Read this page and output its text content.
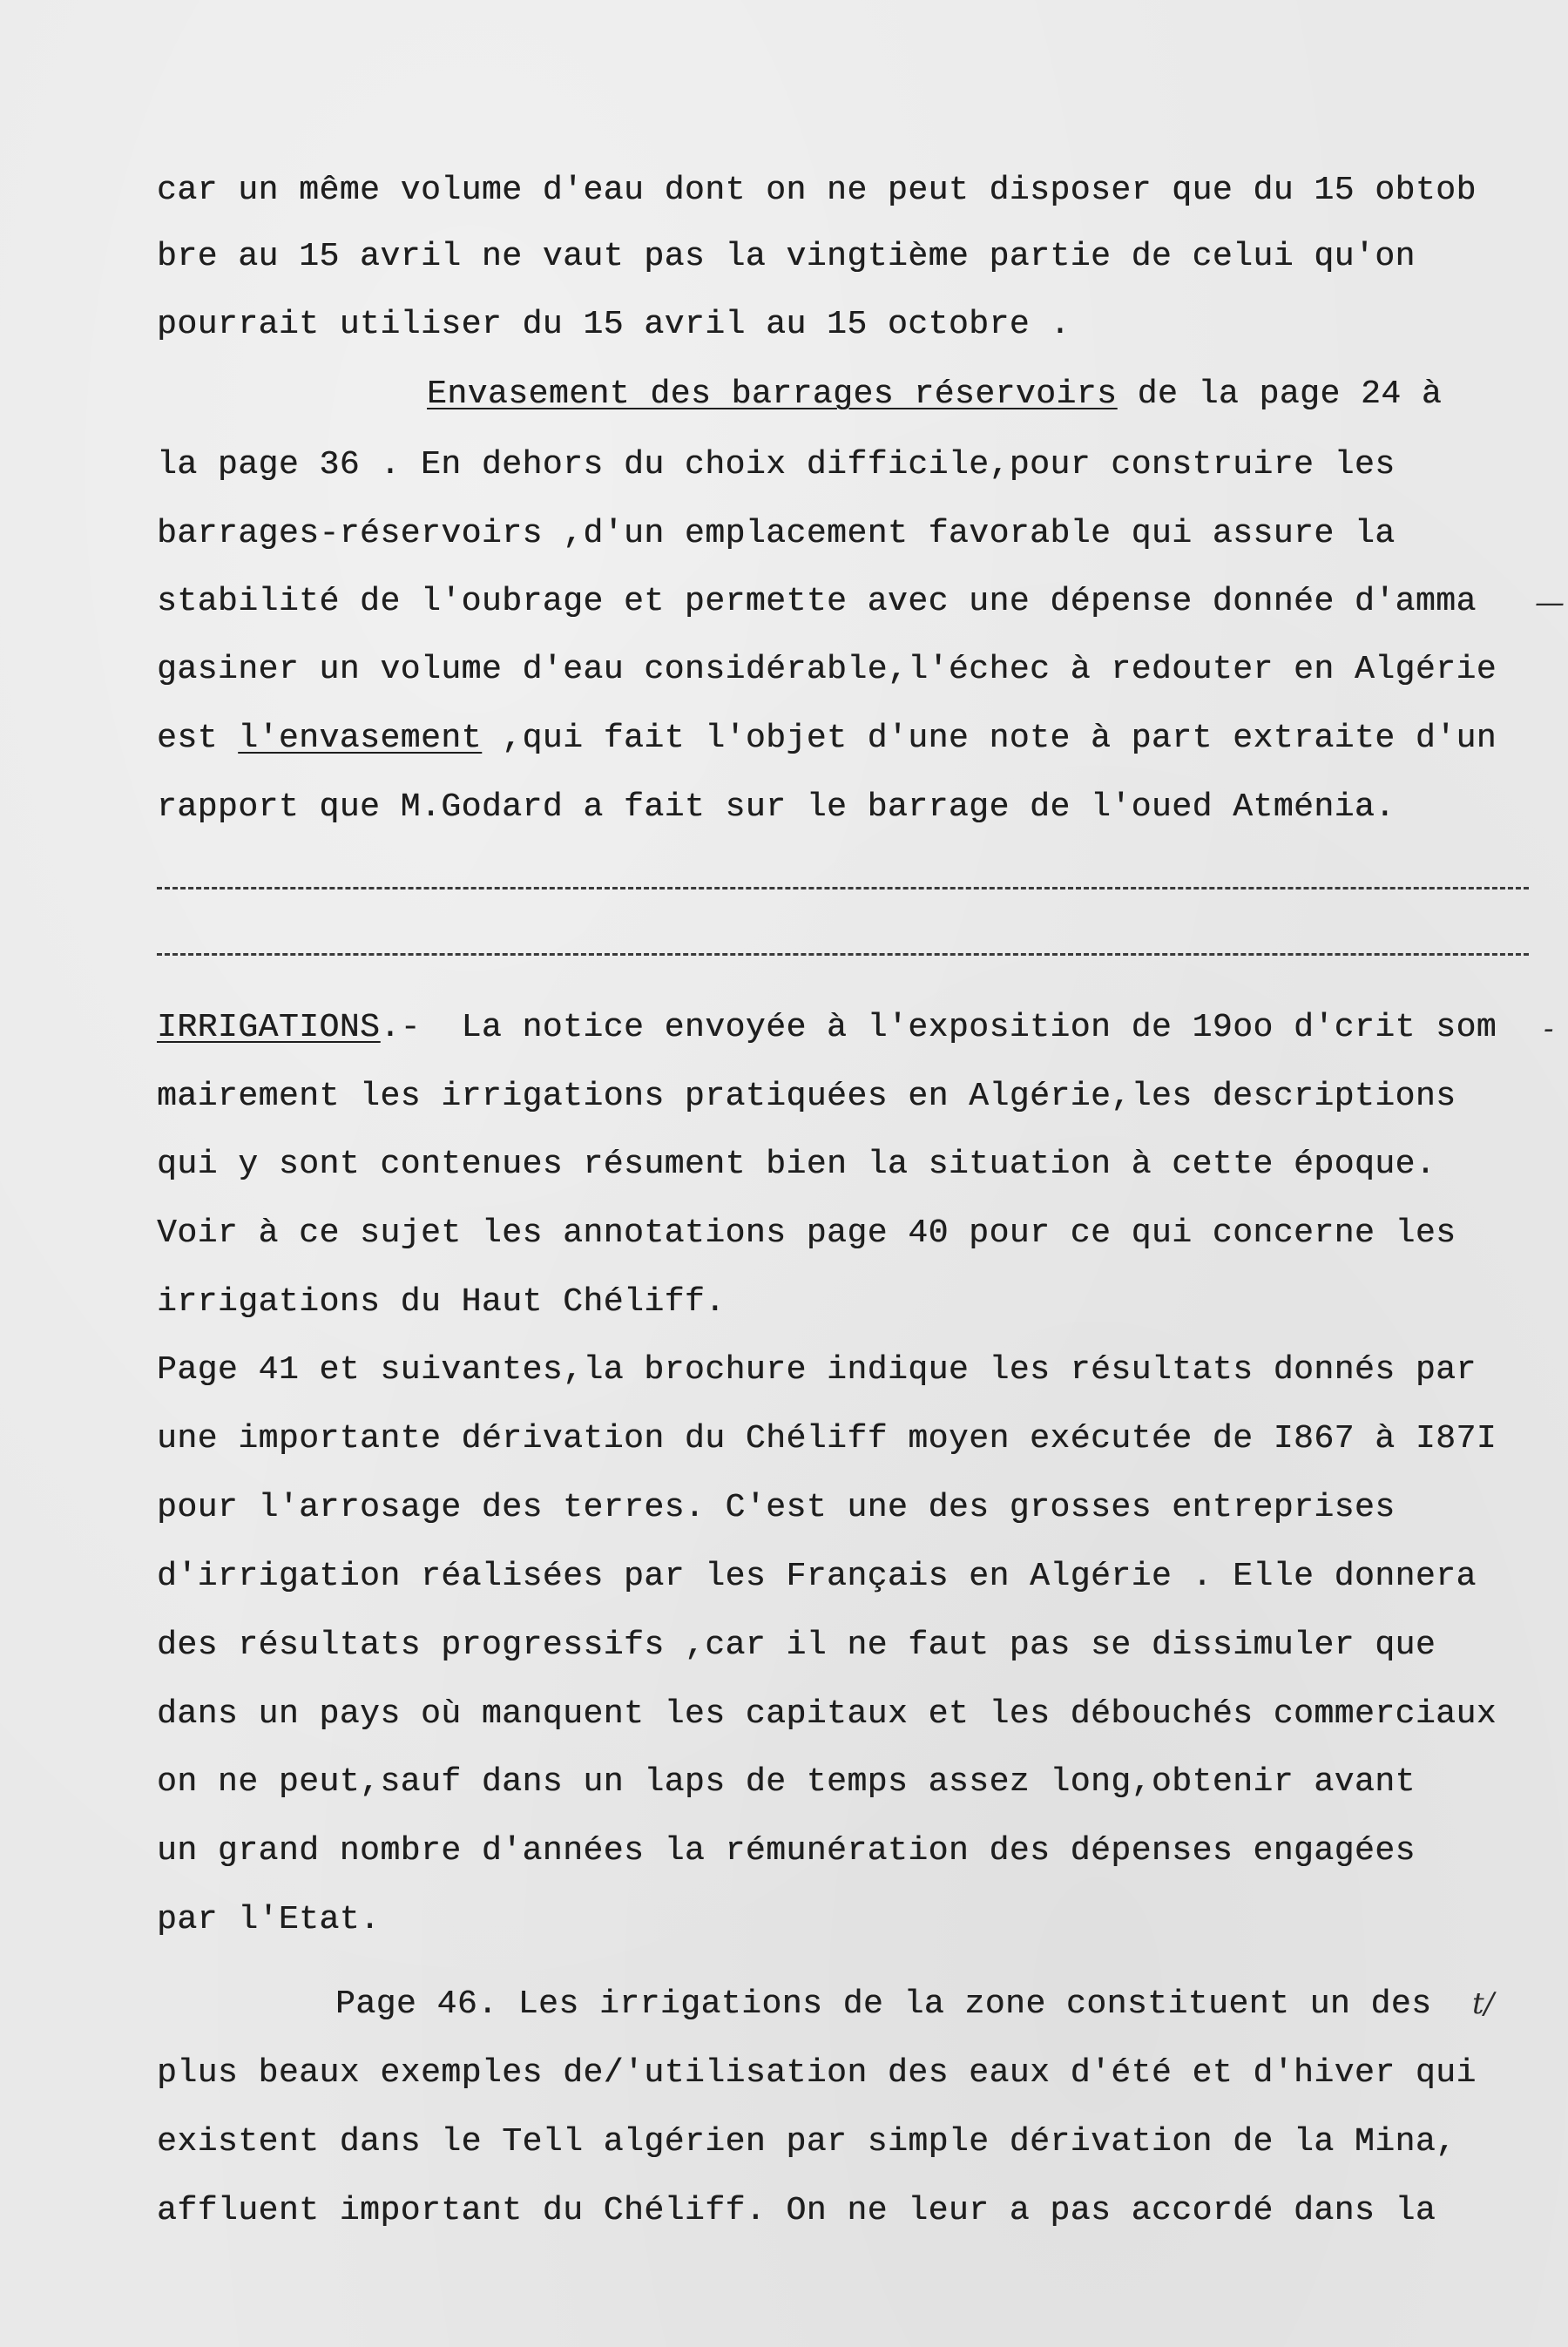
car un même volume d'eau dont on ne peut disposer que du 15 obtob
bre au 15 avril ne vaut pas la vingtième partie de celui qu'on
pourrait utiliser du 15 avril au 15 octobre .
Envasement des barrages réservoirs de la page 24 à
la page 36 . En dehors du choix difficile,pour construire les
barrages-réservoirs ,d'un emplacement favorable qui assure la
stabilité de l'oubrage et permette avec une dépense donnée d'amma —
gasiner un volume d'eau considérable,l'échec à redouter en Algérie
est l'envasement ,qui fait l'objet d'une note à part extraite d'un
rapport que M.Godard a fait sur le barrage de l'oued Atménia.
IRRIGATIONS.-  La notice envoyée à l'exposition de 19oo d'crit som -
mairement les irrigations pratiquées en Algérie,les descriptions
qui y sont contenues résument bien la situation à cette époque.
Voir à ce sujet les annotations page 40 pour ce qui concerne les
irrigations du Haut Chéliff.
Page 41 et suivantes,la brochure indique les résultats donnés par
une importante dérivation du Chéliff moyen exécutée de I867 à I87I
pour l'arrosage des terres. C'est une des grosses entreprises
d'irrigation réalisées par les Français en Algérie . Elle donnera
des résultats progressifs ,car il ne faut pas se dissimuler que
dans un pays où manquent les capitaux et les débouchés commerciaux
on ne peut,sauf dans un laps de temps assez long,obtenir avant
un grand nombre d'années la rémunération des dépenses engagées
par l'Etat.
Page 46. Les irrigations de la zone constituent un des t/
plus beaux exemples de/'utilisation des eaux d'été et d'hiver qui
existent dans le Tell algérien par simple dérivation de la Mina,
affluent important du Chéliff. On ne leur a pas accordé dans la
